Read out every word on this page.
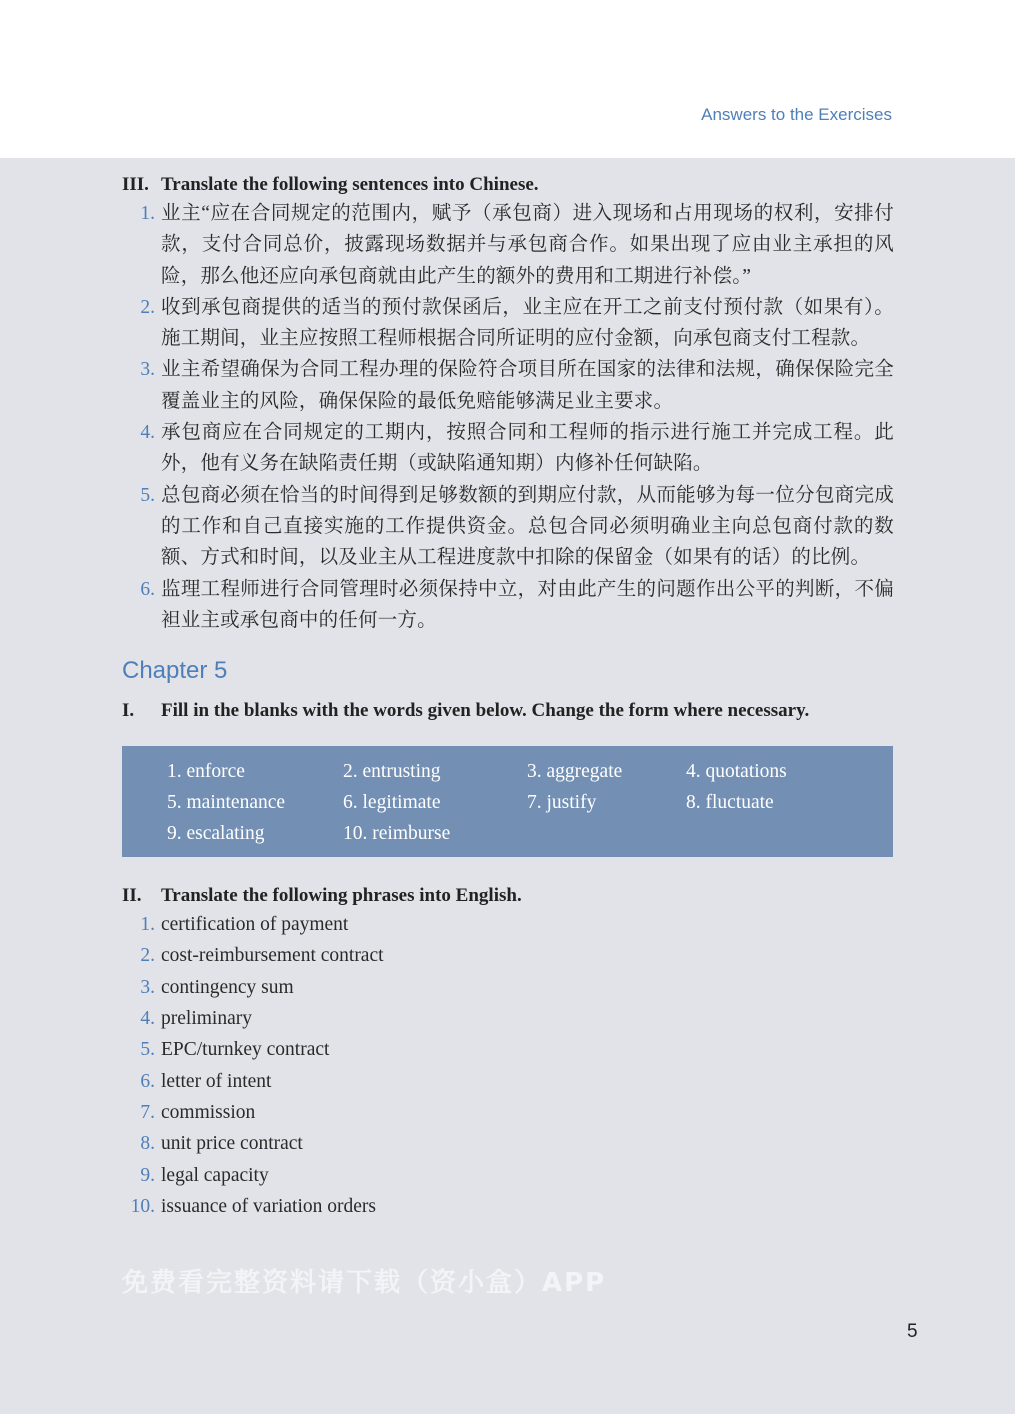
Answers to the Exercises
III. Translate the following sentences into Chinese.
1. 业主“应在合同规定的范围内，赋予（承包商）进入现场和占用现场的权利，安排付款，支付合同总价，披露现场数据并与承包商合作。如果出现了应由业主承担的风险，那么他还应向承包商就由此产生的额外的费用和工期进行补偿。”
2. 收到承包商提供的适当的预付款保函后，业主应在开工之前支付预付款（如果有）。施工期间，业主应按照工程师根据合同所证明的应付金额，向承包商支付工程款。
3. 业主希望确保为合同工程办理的保险符合项目所在国家的法律和法规，确保保险完全覆盖业主的风险，确保保险的最低免赔能够满足业主要求。
4. 承包商应在合同规定的工期内，按照合同和工程师的指示进行施工并完成工程。此外，他有义务在缺陷责任期（或缺陷通知期）内修补任何缺陷。
5. 总包商必须在恰当的时间得到足够数额的到期应付款，从而能够为每一位分包商完成的工作和自己直接实施的工作提供资金。总包合同必须明确业主向总包商付款的数额、方式和时间，以及业主从工程进度款中扣除的保留金（如果有的话）的比例。
6. 监理工程师进行合同管理时必须保持中立，对由此产生的问题作出公平的判断，不偏袒业主或承包商中的任何一方。
Chapter 5
I.	Fill in the blanks with the words given below. Change the form where necessary.
1. enforce	2. entrusting	3. aggregate	4. quotations
5. maintenance	6. legitimate	7. justify	8. fluctuate
9. escalating	10. reimburse
II.	Translate the following phrases into English.
1. certification of payment
2. cost-reimbursement contract
3. contingency sum
4. preliminary
5. EPC/turnkey contract
6. letter of intent
7. commission
8. unit price contract
9. legal capacity
10. issuance of variation orders
免费看完整资料请下载（资小盒）APP
5
